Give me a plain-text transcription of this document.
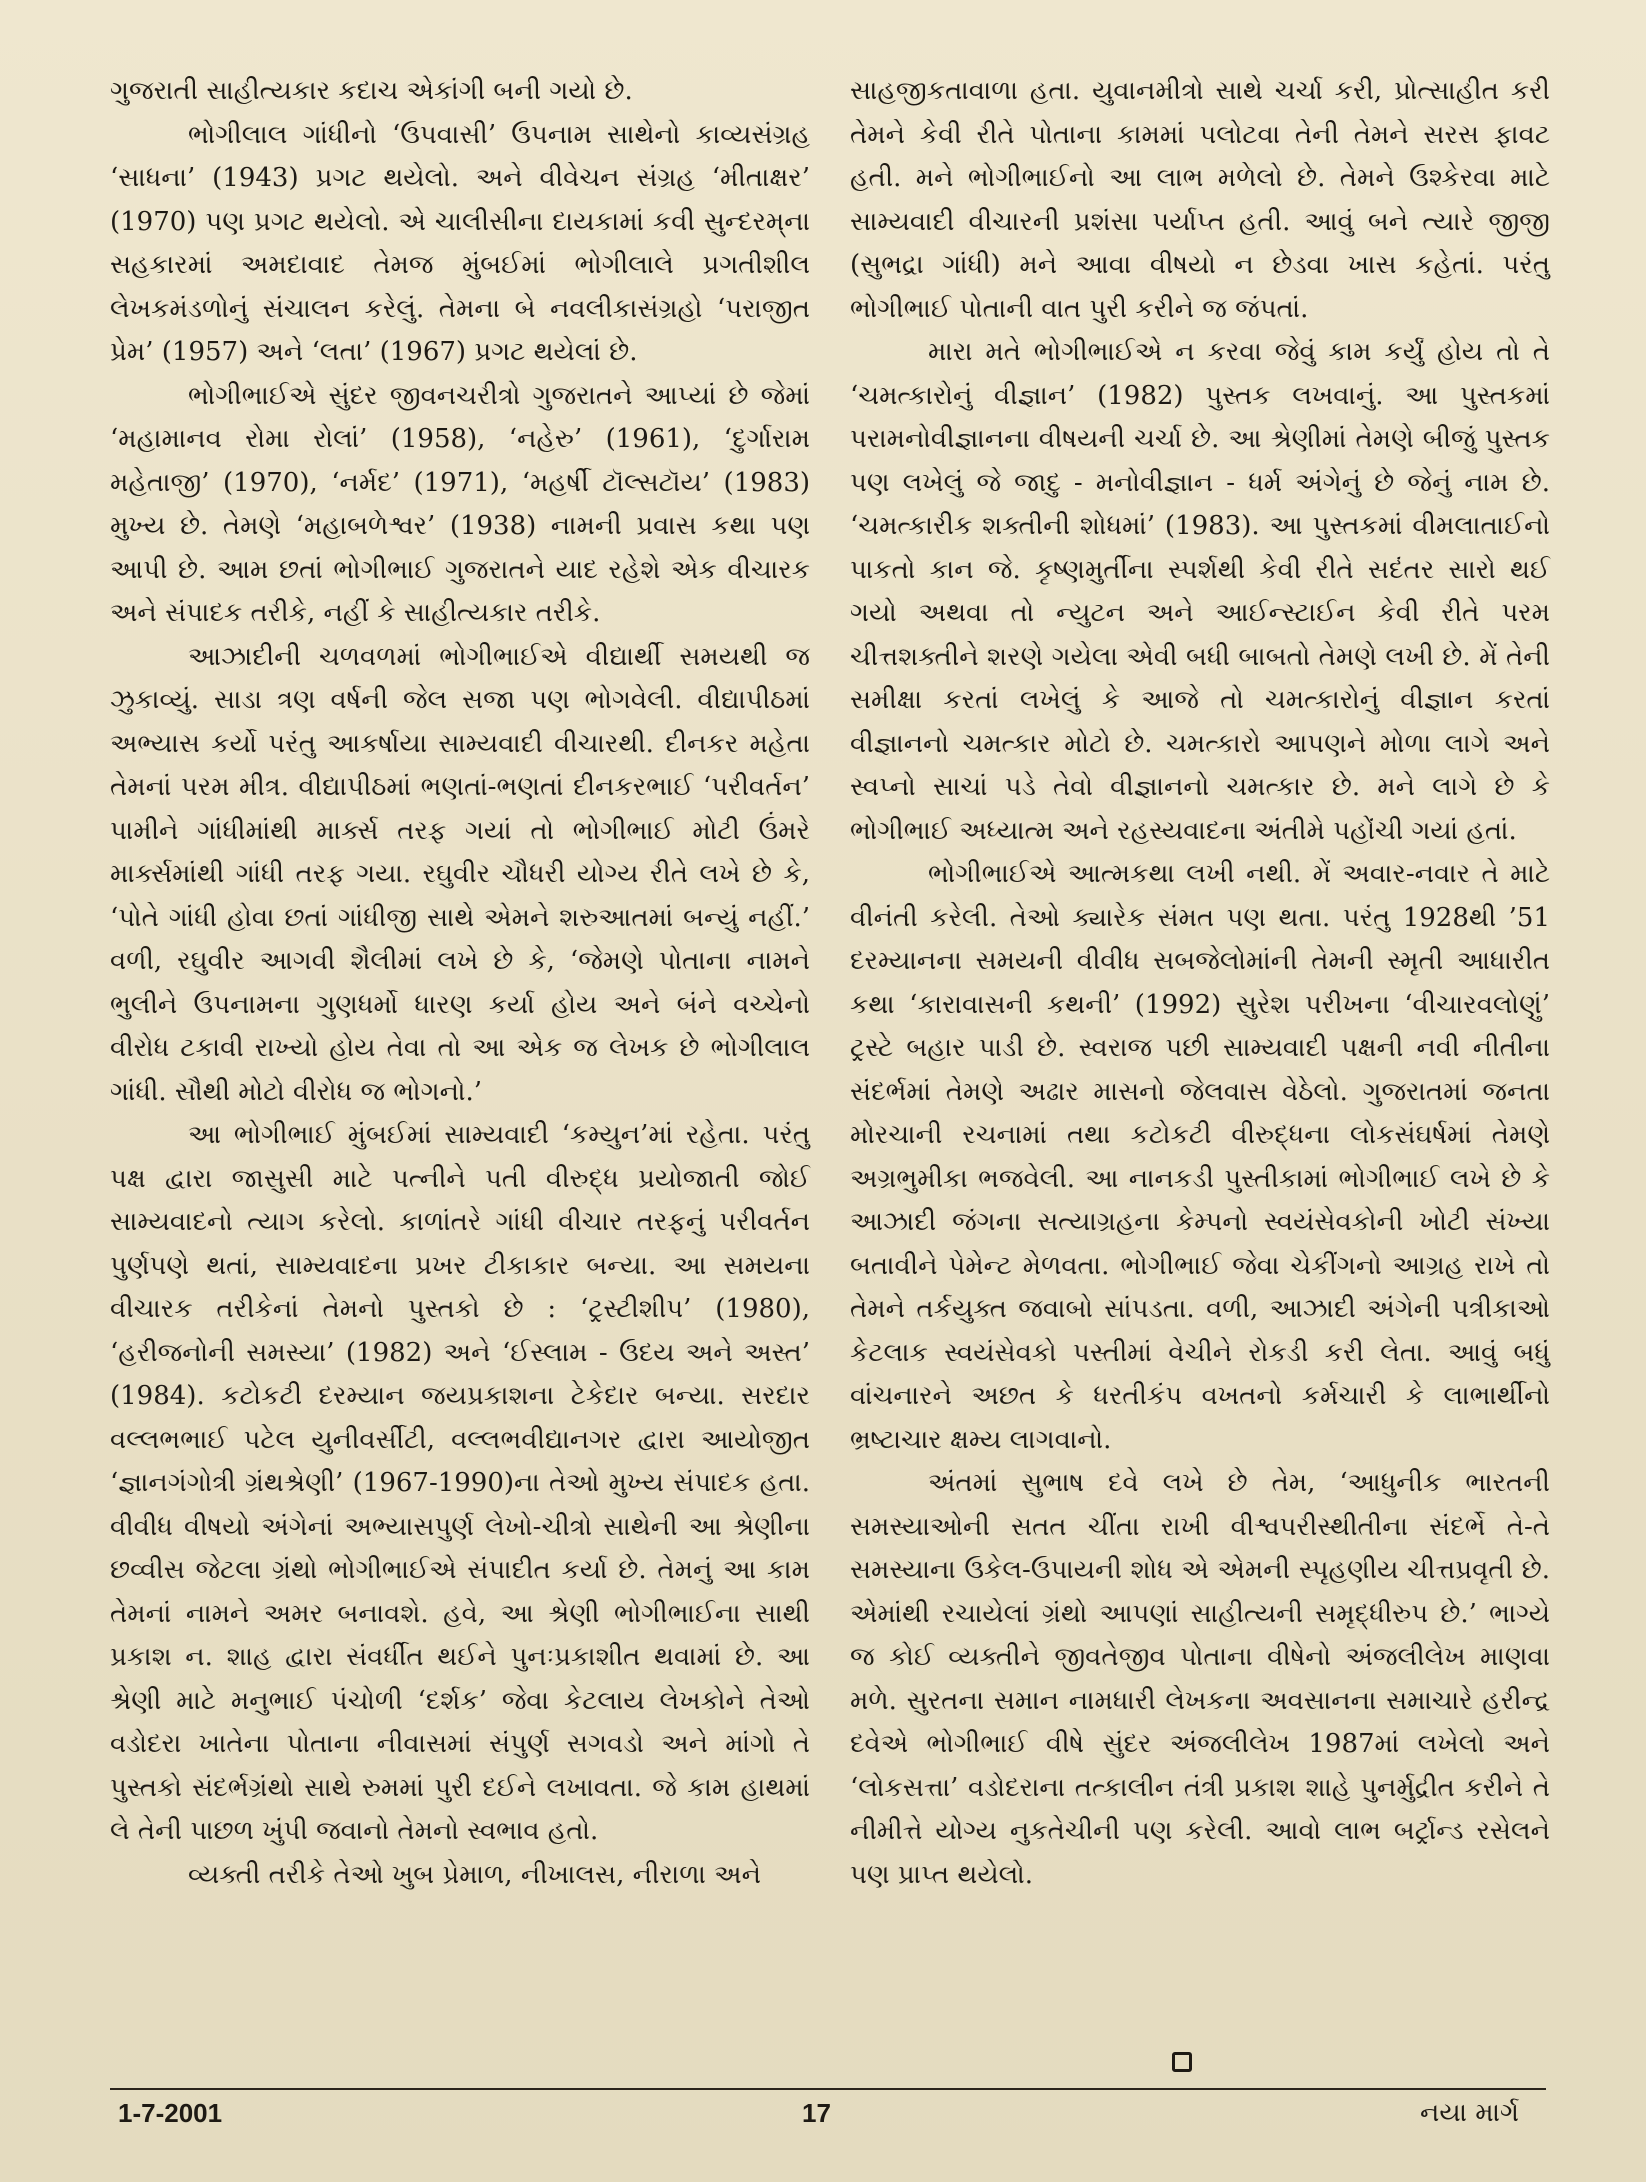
ગુજરાતી સાહીત્યકાર કદાચ એકાંગી બની ગયો છે.

ભોગીલાલ ગાંધીનો ‘ઉપવાસી’ ઉપનામ સાથેનો કાવ્યસંગ્રહ ‘સાધના’ (1943) પ્રગટ થયેલો. અને વીવેચન સંગ્રહ ‘મીતાક્ષર’ (1970) પણ પ્રગટ થયેલો. એ ચાલીસીના દાયકામાં કવી સુન્દરમ્‌ના સહકારમાં અમદાવાદ તેમજ મુંબઈમાં ભોગીલાલે પ્રગતીશીલ લેખકમંડળોનું સંચાલન કરેલું. તેમના બે નવલીકાસંગ્રહો ‘પરાજીત પ્રેમ’ (1957) અને ‘લતા’ (1967) પ્રગટ થયેલાં છે.

ભોગીભાઈએ સુંદર જીવનચરીત્રો ગુજરાતને આપ્યાં છે જેમાં ‘મહામાનવ રોમા રોલાં’ (1958), ‘નહેરુ’ (1961), ‘દુર્ગારામ મહેતાજી’ (1970), ‘નર્મદ’ (1971), ‘મહર્ષી ટૉલ્સટૉય’ (1983) મુખ્ય છે. તેમણે ‘મહાબળેશ્વર’ (1938) નામની પ્રવાસ કથા પણ આપી છે. આમ છતાં ભોગીભાઈ ગુજરાતને યાદ રહેશે એક વીચારક અને સંપાદક તરીકે, નહીં કે સાહીત્યકાર તરીકે.

આઝાદીની ચળવળમાં ભોગીભાઈએ વીદ્યાર્થી સમયથી જ ઝુકાવ્યું. સાડા ત્રણ વર્ષની જેલ સજા પણ ભોગવેલી. વીદ્યાપીઠમાં અભ્યાસ કર્યો પરંતુ આકર્ષાયા સામ્યવાદી વીચારથી. દીનકર મહેતા તેમનાં પરમ મીત્ર. વીદ્યાપીઠમાં ભણતાં-ભણતાં દીનકરભાઈ ‘પરીવર્તન’ પામીને ગાંધીમાંથી માર્ક્સ તરફ ગયાં તો ભોગીભાઈ મોટી ઉંમરે માર્ક્સમાંથી ગાંધી તરફ ગયા. રઘુવીર ચૌધરી યોગ્ય રીતે લખે છે કે, ‘પોતે ગાંધી હોવા છતાં ગાંધીજી સાથે એમને શરુઆતમાં બન્યું નહીં.’ વળી, રઘુવીર આગવી શૈલીમાં લખે છે કે, ‘જેમણે પોતાના નામને ભુલીને ઉપનામના ગુણધર્મો ધારણ કર્યા હોય અને બંને વચ્ચેનો વીરોધ ટકાવી રાખ્યો હોય તેવા તો આ એક જ લેખક છે ભોગીલાલ ગાંધી. સૌથી મોટો વીરોધ જ ભોગનો.’

આ ભોગીભાઈ મુંબઈમાં સામ્યવાદી ‘કમ્યુન’માં રહેતા. પરંતુ પક્ષ દ્વારા જાસુસી માટે પત્નીને પતી વીરુદ્ધ પ્રયોજાતી જોઈ સામ્યવાદનો ત્યાગ કરેલો. કાળાંતરે ગાંધી વીચાર તરફનું પરીવર્તન પુર્ણપણે થતાં, સામ્યવાદના પ્રખર ટીકાકાર બન્યા. આ સમયના વીચારક તરીકેનાં તેમનો પુસ્તકો છે : ‘ટ્રસ્ટીશીપ’ (1980), ‘હરીજનોની સમસ્યા’ (1982) અને ‘ઈસ્લામ - ઉદય અને અસ્ત’ (1984). કટોકટી દરમ્યાન જયપ્રકાશના ટેકેદાર બન્યા. સરદાર વલ્લભભાઈ પટેલ યુનીવર્સીટી, વલ્લભવીદ્યાનગર દ્વારા આયોજીત ‘જ્ઞાનગંગોત્રી ગ્રંથશ્રેણી’ (1967-1990)ના તેઓ મુખ્ય સંપાદક હતા. વીવીધ વીષયો અંગેનાં અભ્યાસપુર્ણ લેખો-ચીત્રો સાથેની આ શ્રેણીના છવ્વીસ જેટલા ગ્રંથો ભોગીભાઈએ સંપાદીત કર્યા છે. તેમનું આ કામ તેમનાં નામને અમર બનાવશે. હવે, આ શ્રેણી ભોગીભાઈના સાથી પ્રકાશ ન. શાહ દ્વારા સંવર્ધીત થઈને પુનઃપ્રકાશીત થવામાં છે. આ શ્રેણી માટે મનુભાઈ પંચોળી ‘દર્શક’ જેવા કેટલાય લેખકોને તેઓ વડોદરા ખાતેના પોતાના નીવાસમાં સંપુર્ણ સગવડો અને માંગો તે પુસ્તકો સંદર્ભગ્રંથો સાથે રુમમાં પુરી દઈને લખાવતા. જે કામ હાથમાં લે તેની પાછળ ખુંપી જવાનો તેમનો સ્વભાવ હતો.

વ્યક્તી તરીકે તેઓ ખુબ પ્રેમાળ, નીખાલસ, નીરાળા અને

સાહજીકતાવાળા હતા. યુવાનમીત્રો સાથે ચર્ચા કરી, પ્રોત્સાહીત કરી તેમને કેવી રીતે પોતાના કામમાં પલોટવા તેની તેમને સરસ ફાવટ હતી. મને ભોગીભાઈનો આ લાભ મળેલો છે. તેમને ઉશ્કેરવા માટે સામ્યવાદી વીચારની પ્રશંસા પર્યાપ્ત હતી. આવું બને ત્યારે જીજી (સુભદ્રા ગાંધી) મને આવા વીષયો ન છેડવા ખાસ કહેતાં. પરંતુ ભોગીભાઈ પોતાની વાત પુરી કરીને જ જંપતાં.

મારા મતે ભોગીભાઈએ ન કરવા જેવું કામ કર્યું હોય તો તે ‘ચમત્કારોનું વીજ્ઞાન’ (1982) પુસ્તક લખવાનું. આ પુસ્તકમાં પરામનોવીજ્ઞાનના વીષયની ચર્ચા છે. આ શ્રેણીમાં તેમણે બીજું પુસ્તક પણ લખેલું જે જાદુ - મનોવીજ્ઞાન - ધર્મ અંગેનું છે જેનું નામ છે. ‘ચમત્કારીક શક્તીની શોધમાં’ (1983). આ પુસ્તકમાં વીમલાતાઈનો પાકતો કાન જે. કૃષ્ણમુર્તીના સ્પર્શથી કેવી રીતે સદંતર સારો થઈ ગયો અથવા તો ન્યુટન અને આઈન્સ્ટાઈન કેવી રીતે પરમ ચીત્તશક્તીને શરણે ગયેલા એવી બધી બાબતો તેમણે લખી છે. મેં તેની સમીક્ષા કરતાં લખેલું કે આજે તો ચમત્કારોનું વીજ્ઞાન કરતાં વીજ્ઞાનનો ચમત્કાર મોટો છે. ચમત્કારો આપણને મોળા લાગે અને સ્વપ્નો સાચાં પડે તેવો વીજ્ઞાનનો ચમત્કાર છે. મને લાગે છે કે ભોગીભાઈ અધ્યાત્મ અને રહસ્યવાદના અંતીમે પહોંચી ગયાં હતાં.

ભોગીભાઈએ આત્મકથા લખી નથી. મેં અવાર-નવાર તે માટે વીનંતી કરેલી. તેઓ ક્યારેક સંમત પણ થતા. પરંતુ 1928થી ’51 દરમ્યાનના સમયની વીવીધ સબજેલોમાંની તેમની સ્મૃતી આધારીત કથા ‘કારાવાસની કથની’ (1992) સુરેશ પરીખના ‘વીચારવલોણું’ ટ્રસ્ટે બહાર પાડી છે. સ્વરાજ પછી સામ્યવાદી પક્ષની નવી નીતીના સંદર્ભમાં તેમણે અઢાર માસનો જેલવાસ વેઠેલો. ગુજરાતમાં જનતા મોરચાની રચનામાં તથા કટોકટી વીરુદ્ધના લોકસંઘર્ષમાં તેમણે અગ્રભુમીકા ભજવેલી. આ નાનકડી પુસ્તીકામાં ભોગીભાઈ લખે છે કે આઝાદી જંગના સત્યાગ્રહના કેમ્પનો સ્વયંસેવકોની ખોટી સંખ્યા બતાવીને પેમેન્ટ મેળવતા. ભોગીભાઈ જેવા ચેકીંગનો આગ્રહ રાખે તો તેમને તર્કયુક્ત જવાબો સાંપડતા. વળી, આઝાદી અંગેની પત્રીકાઓ કેટલાક સ્વયંસેવકો પસ્તીમાં વેચીને રોકડી કરી લેતા. આવું બધું વાંચનારને અછત કે ધરતીકંપ વખતનો કર્મચારી કે લાભાર્થીનો ભ્રષ્ટાચાર ક્ષમ્ય લાગવાનો.

અંતમાં સુભાષ દવે લખે છે તેમ, ‘આધુનીક ભારતની સમસ્યાઓની સતત ચીંતા રાખી વીશ્વપરીસ્થીતીના સંદર્ભે તે-તે સમસ્યાના ઉકેલ-ઉપાયની શોધ એ એમની સ્પૃહણીય ચીત્તપ્રવૃતી છે. એમાંથી રચાયેલાં ગ્રંથો આપણાં સાહીત્યની સમૃદ્ધીરુપ છે.’ ભાગ્યે જ કોઈ વ્યક્તીને જીવતેજીવ પોતાના વીષેનો અંજલીલેખ માણવા મળે. સુરતના સમાન નામધારી લેખકના અવસાનના સમાચારે હરીન્દ્ર દવેએ ભોગીભાઈ વીષે સુંદર અંજલીલેખ 1987માં લખેલો અને ‘લોકસત્તા’ વડોદરાના તત્કાલીન તંત્રી પ્રકાશ શાહે પુનર્મુદ્રીત કરીને તે નીમીત્તે યોગ્ય નુકતેચીની પણ કરેલી. આવો લાભ બર્ટ્રાન્ડ રસેલને પણ પ્રાપ્ત થયેલો.

1-7-2001	17	નયા માર્ગ
